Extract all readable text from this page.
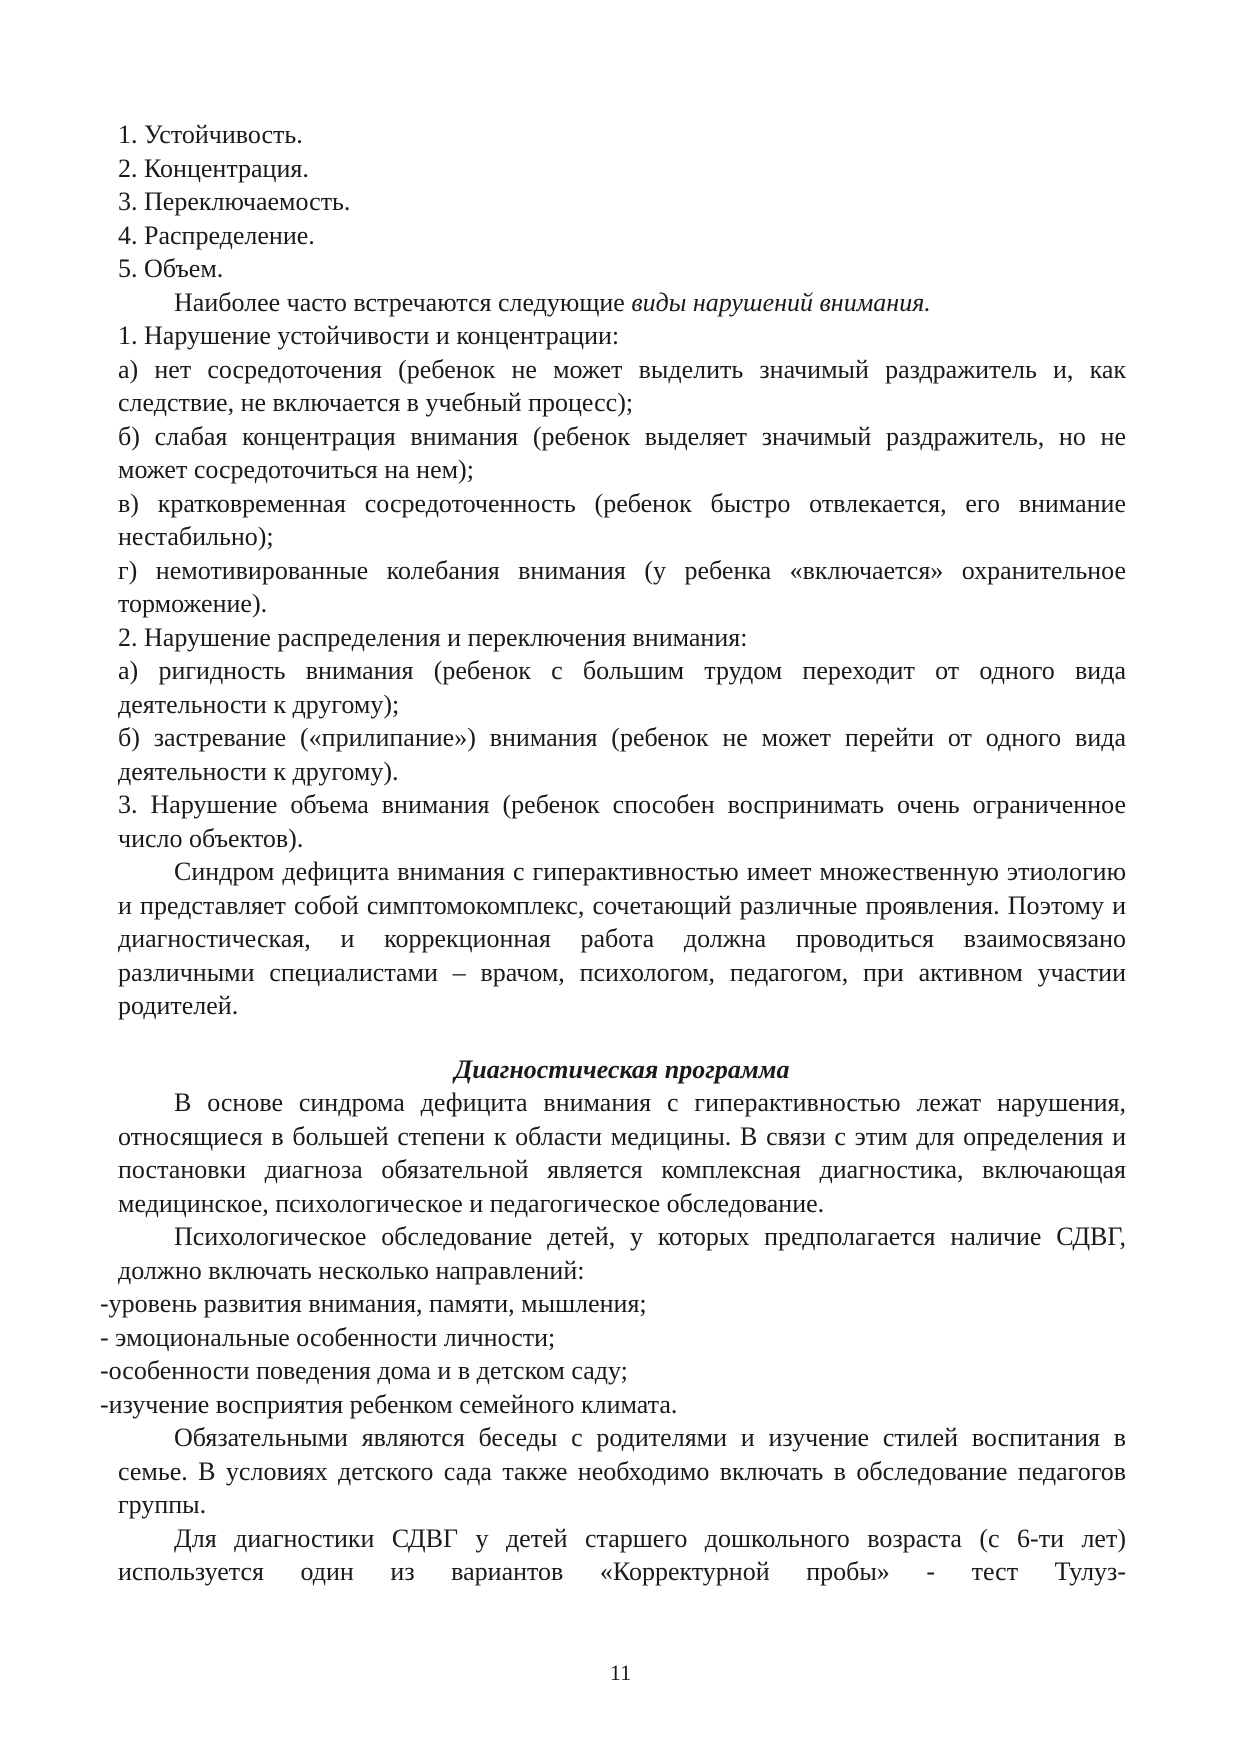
1. Устойчивость.
2. Концентрация.
3. Переключаемость.
4. Распределение.
5. Объем.
Наиболее часто встречаются следующие виды нарушений внимания.
1. Нарушение устойчивости и концентрации:
а) нет сосредоточения (ребенок не может выделить значимый раздражитель и, как следствие, не включается в учебный процесс);
б) слабая концентрация внимания (ребенок выделяет значимый раздражитель, но не может сосредоточиться на нем);
в) кратковременная сосредоточенность (ребенок быстро отвлекается, его внимание нестабильно);
г) немотивированные колебания внимания (у ребенка «включается» охранительное торможение).
2. Нарушение распределения и переключения внимания:
а) ригидность внимания (ребенок с большим трудом переходит от одного вида деятельности к другому);
б) застревание («прилипание») внимания (ребенок не может перейти от одного вида деятельности к другому).
3. Нарушение объема внимания (ребенок способен воспринимать очень ограниченное число объектов).
Синдром дефицита внимания с гиперактивностью имеет множественную этиологию и представляет собой симптомокомплекс, сочетающий различные проявления. Поэтому и диагностическая, и коррекционная работа должна проводиться взаимосвязано различными специалистами – врачом, психологом, педагогом, при активном участии родителей.
Диагностическая программа
В основе синдрома дефицита внимания с гиперактивностью лежат нарушения, относящиеся в большей степени к области медицины. В связи с этим для определения и постановки диагноза обязательной является комплексная диагностика, включающая медицинское, психологическое и педагогическое обследование.
Психологическое обследование детей, у которых предполагается наличие СДВГ, должно включать несколько направлений:
-уровень развития внимания, памяти, мышления;
- эмоциональные особенности личности;
-особенности поведения дома и в детском саду;
-изучение восприятия ребенком семейного климата.
Обязательными являются беседы с родителями и изучение стилей воспитания в семье. В условиях детского сада также необходимо включать в обследование педагогов группы.
Для диагностики СДВГ у детей старшего дошкольного возраста (с 6-ти лет) используется один из вариантов «Корректурной пробы» - тест Тулуз-
11
